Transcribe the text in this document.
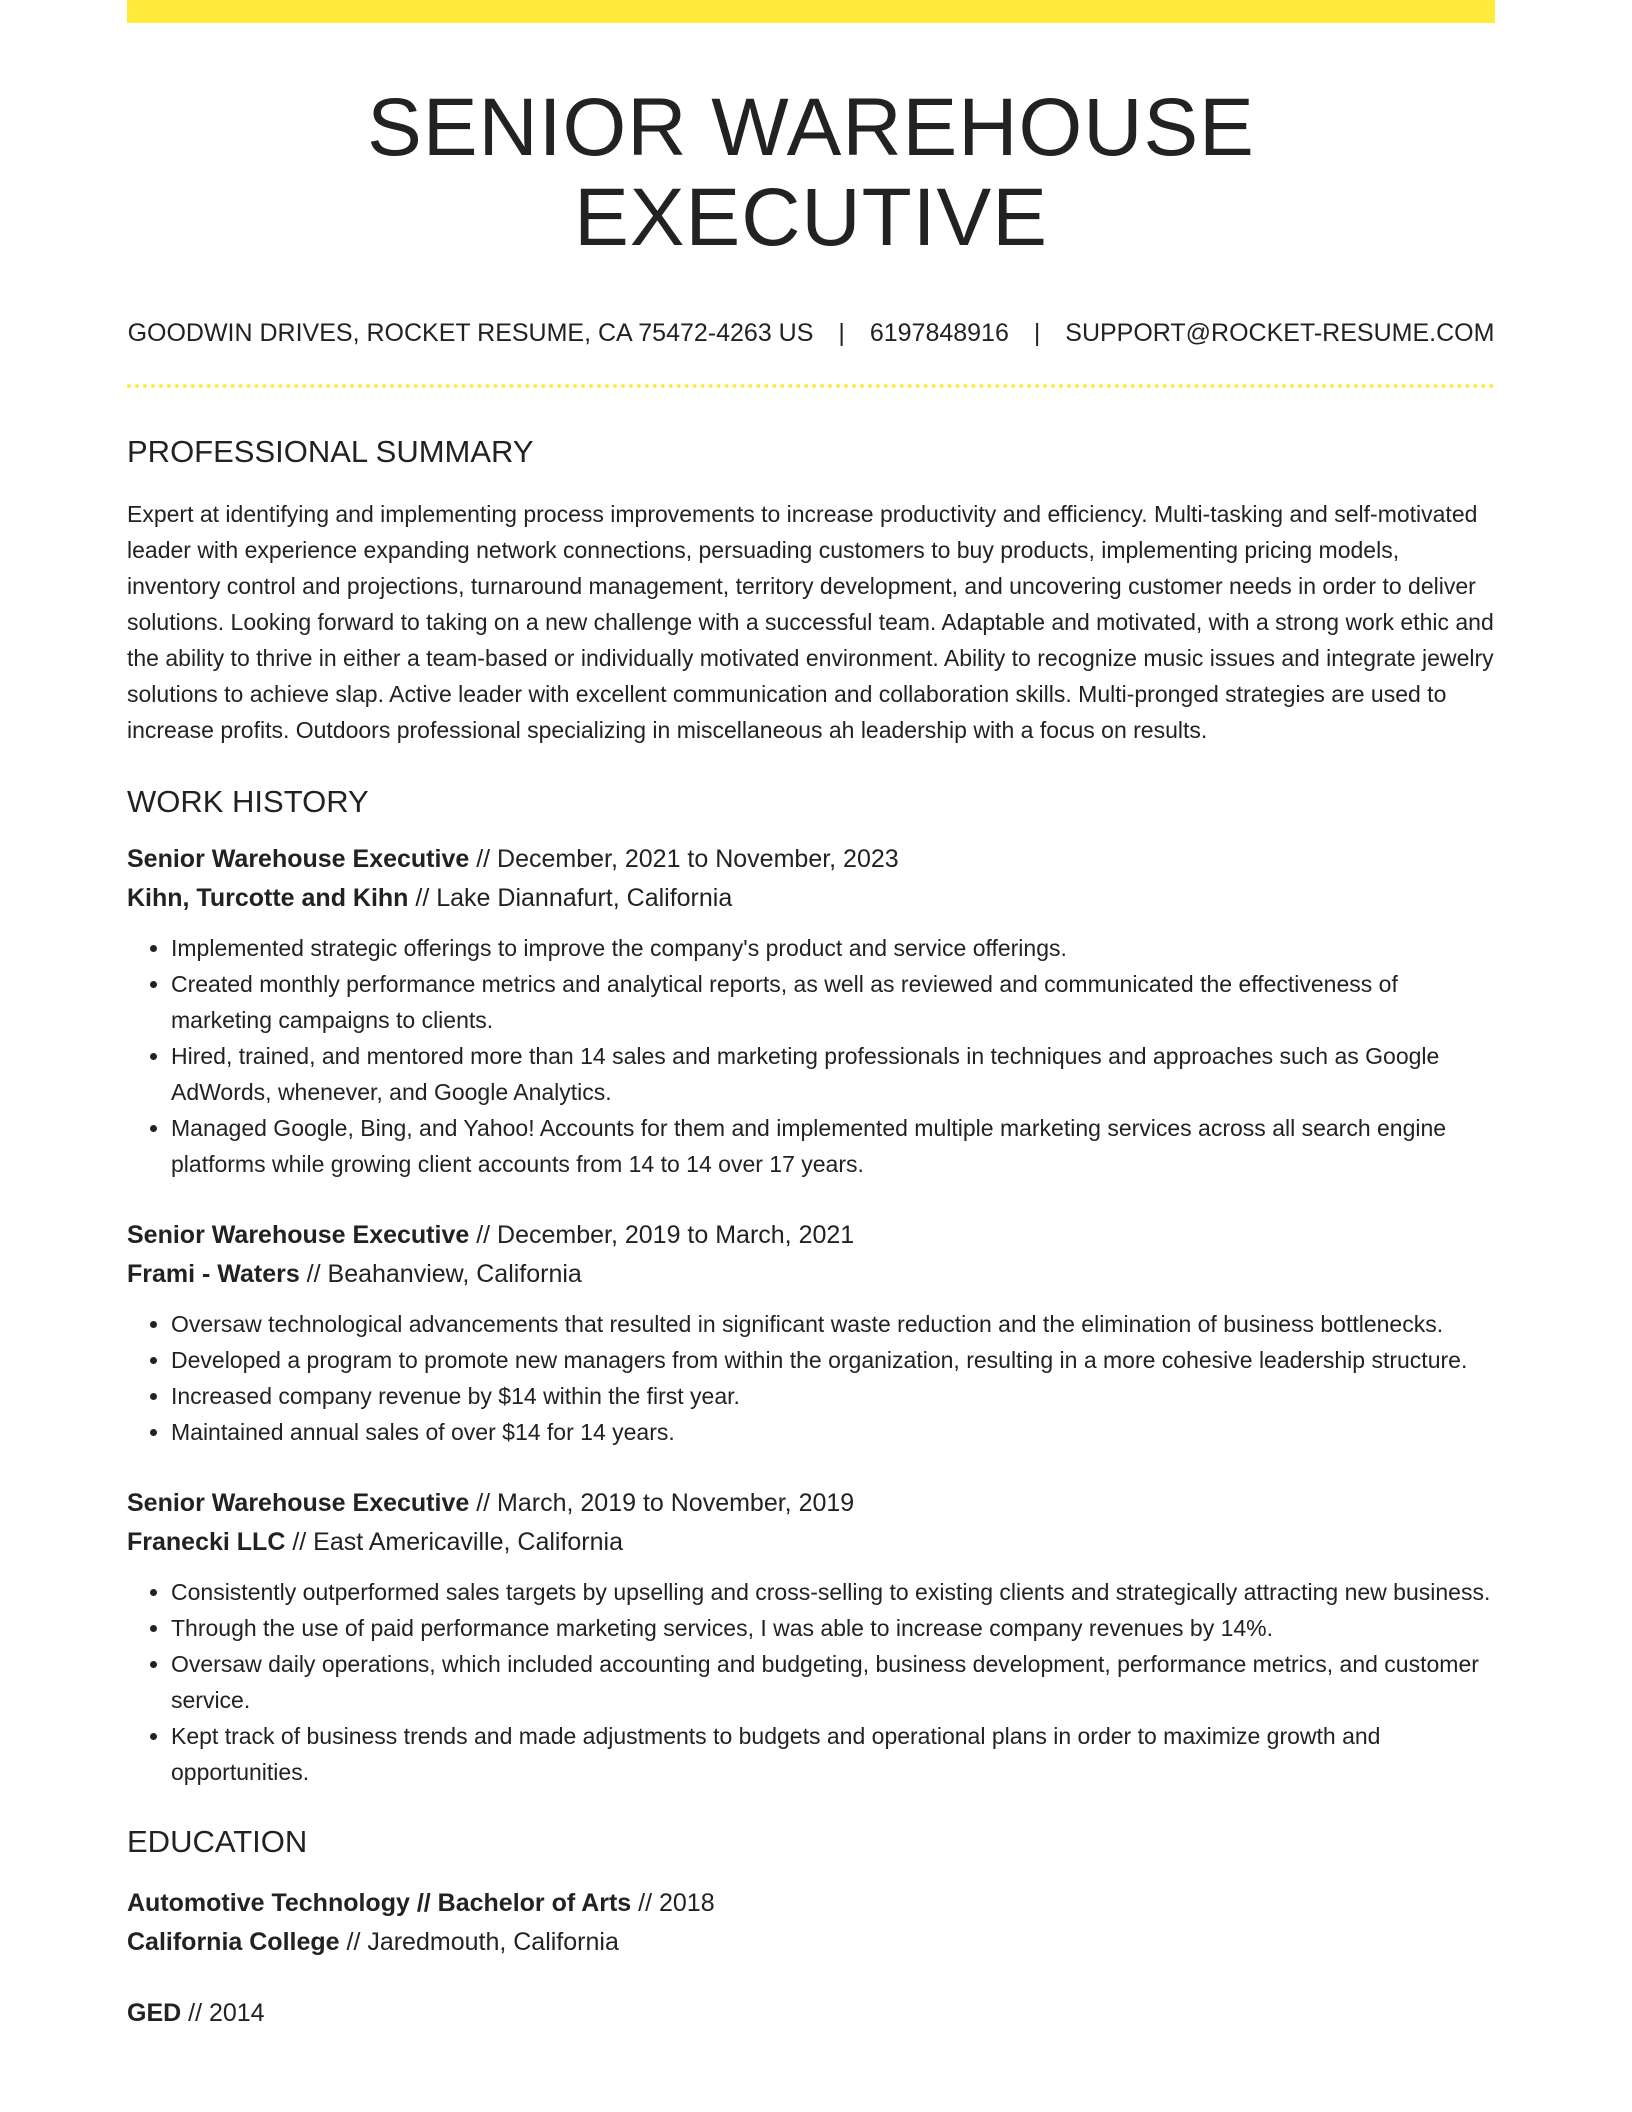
SENIOR WAREHOUSE EXECUTIVE
GOODWIN DRIVES, ROCKET RESUME, CA 75472-4263 US | 6197848916 | SUPPORT@ROCKET-RESUME.COM
PROFESSIONAL SUMMARY

Expert at identifying and implementing process improvements to increase productivity and efficiency. Multi-tasking and self-motivated leader with experience expanding network connections, persuading customers to buy products, implementing pricing models, inventory control and projections, turnaround management, territory development, and uncovering customer needs in order to deliver solutions. Looking forward to taking on a new challenge with a successful team. Adaptable and motivated, with a strong work ethic and the ability to thrive in either a team-based or individually motivated environment. Ability to recognize music issues and integrate jewelry solutions to achieve slap. Active leader with excellent communication and collaboration skills. Multi-pronged strategies are used to increase profits. Outdoors professional specializing in miscellaneous ah leadership with a focus on results.

WORK HISTORY
Senior Warehouse Executive // December, 2021 to November, 2023
Kihn, Turcotte and Kihn // Lake Diannafurt, California
• Implemented strategic offerings to improve the company's product and service offerings.
• Created monthly performance metrics and analytical reports, as well as reviewed and communicated the effectiveness of marketing campaigns to clients.
• Hired, trained, and mentored more than 14 sales and marketing professionals in techniques and approaches such as Google AdWords, whenever, and Google Analytics.
• Managed Google, Bing, and Yahoo! Accounts for them and implemented multiple marketing services across all search engine platforms while growing client accounts from 14 to 14 over 17 years.
Senior Warehouse Executive // December, 2019 to March, 2021
Frami - Waters // Beahanview, California
• Oversaw technological advancements that resulted in significant waste reduction and the elimination of business bottlenecks.
• Developed a program to promote new managers from within the organization, resulting in a more cohesive leadership structure.
• Increased company revenue by $14 within the first year.
• Maintained annual sales of over $14 for 14 years.
Senior Warehouse Executive // March, 2019 to November, 2019
Franecki LLC // East Americaville, California
• Consistently outperformed sales targets by upselling and cross-selling to existing clients and strategically attracting new business.
• Through the use of paid performance marketing services, I was able to increase company revenues by 14%.
• Oversaw daily operations, which included accounting and budgeting, business development, performance metrics, and customer service.
• Kept track of business trends and made adjustments to budgets and operational plans in order to maximize growth and opportunities.
EDUCATION
Automotive Technology // Bachelor of Arts // 2018
California College // Jaredmouth, California
GED // 2014
